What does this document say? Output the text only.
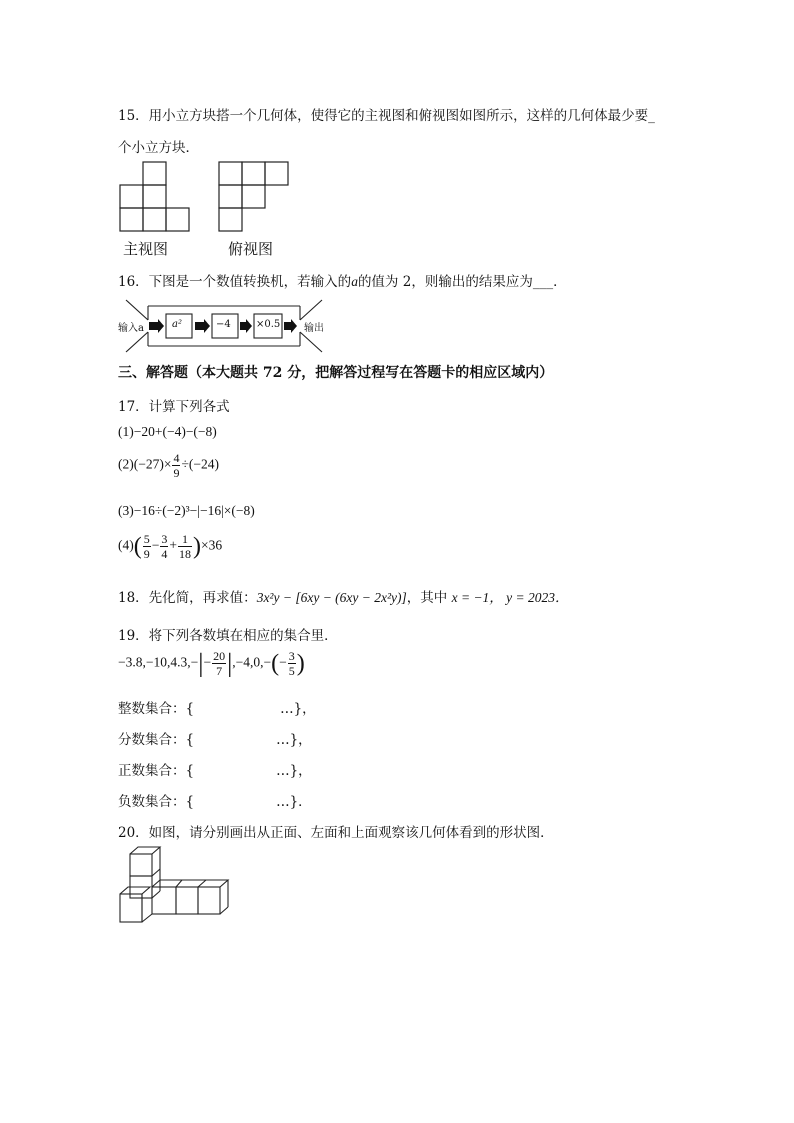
15．用小立方块搭一个几何体，使得它的主视图和俯视图如图所示，这样的几何体最少要_
个小立方块．
主视图	俯视图
16．下图是一个数值转换机，若输入的a的值为 2，则输出的结果应为___．
输入a	a²	−4	×0.5 输出
三、解答题（本大题共 72 分，把解答过程写在答题卡的相应区域内）
17．计算下列各式
(1)−20+(−4)−(−8)
$(2)(-27)\times \frac{4}{9} \div(-24)$
(3)−16÷(−2)³−|−16|×(−8)
$(4)( \frac{5}{9} - \frac{3}{4} + \frac{1}{18} )\times 36$
18．先化简，再求值：3x²y − [6xy − (6xy − 2x²y)]，其中 x = −1， y = 2023．
19．将下列各数填在相应的集合里．
$-3.8,-10,4.3,-|- \frac{20}{7} |,-4,0,-(- \frac{3}{5}$ )
整数集合：{	…}，
分数集合：{	…}，
正数集合：{	…}，
负数集合：{	…}．
20．如图，请分别画出从正面、左面和上面观察该几何体看到的形状图．
